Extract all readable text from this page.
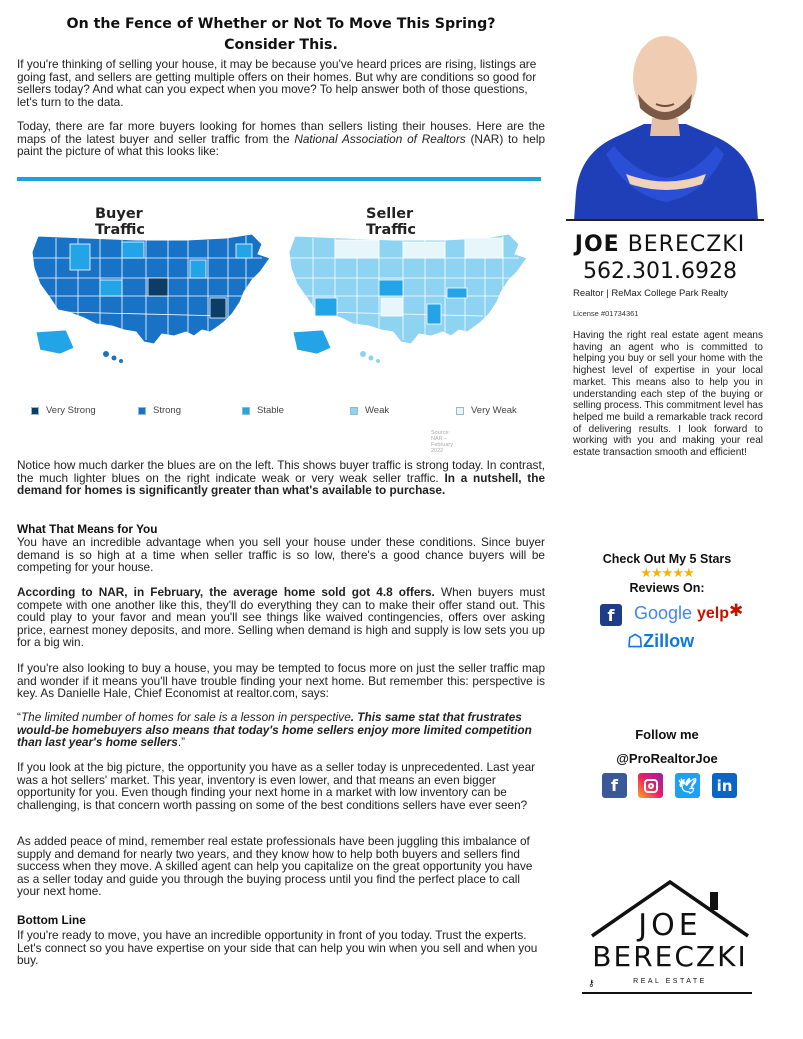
On the Fence of Whether or Not To Move This Spring?
Consider This.

If you're thinking of selling your house, it may be because you've heard prices are rising, listings are going fast, and sellers are getting multiple offers on their homes. But why are conditions so good for sellers today? And what can you expect when you move? To help answer both of those questions, let's turn to the data.

Today, there are far more buyers looking for homes than sellers listing their houses. Here are the maps of the latest buyer and seller traffic from the National Association of Realtors (NAR) to help paint the picture of what this looks like:

Buyer Traffic
Seller Traffic
Source: NAR – February 2022

Notice how much darker the blues are on the left. This shows buyer traffic is strong today. In contrast, the much lighter blues on the right indicate weak or very weak seller traffic. In a nutshell, the demand for homes is significantly greater than what's available to purchase.

What That Means for You

You have an incredible advantage when you sell your house under these conditions. Since buyer demand is so high at a time when seller traffic is so low, there's a good chance buyers will be competing for your house.

According to NAR, in February, the average home sold got 4.8 offers. When buyers must compete with one another like this, they'll do everything they can to make their offer stand out. This could play to your favor and mean you'll see things like waived contingencies, offers over asking price, earnest money deposits, and more. Selling when demand is high and supply is low sets you up for a big win.

If you're also looking to buy a house, you may be tempted to focus more on just the seller traffic map and wonder if it means you'll have trouble finding your next home. But remember this: perspective is key. As Danielle Hale, Chief Economist at realtor.com, says:

“The limited number of homes for sale is a lesson in perspective. This same stat that frustrates would-be homebuyers also means that today's home sellers enjoy more limited competition than last year's home sellers.”

If you look at the big picture, the opportunity you have as a seller today is unprecedented. Last year was a hot sellers' market. This year, inventory is even lower, and that means an even bigger opportunity for you. Even though finding your next home in a market with low inventory can be challenging, is that concern worth passing on some of the best conditions sellers have ever seen?

As added peace of mind, remember real estate professionals have been juggling this imbalance of supply and demand for nearly two years, and they know how to help both buyers and sellers find success when they move. A skilled agent can help you capitalize on the great opportunity you have as a seller today and guide you through the buying process until you find the perfect place to call your next home.

Bottom Line

If you're ready to move, you have an incredible opportunity in front of you today. Trust the experts. Let's connect so you have expertise on your side that can help you win when you sell and when you buy.

JOE BERECZKI
562.301.6928
Realtor | ReMax College Park Realty
License #01734361

Having the right real estate agent means having an agent who is committed to helping you buy or sell your home with the highest level of expertise in your local market. This means also to help you in understanding each step of the buying or selling process. This commitment level has helped me build a remarkable track record of delivering results. I look forward to working with you and making your real estate transaction smooth and efficient!

Check Out My 5 Stars
★★★★★
Reviews On:
f	Google yelp ✱
☖Zillow
Follow me
@ProRealtorJoe
f	🕊	in
JOE
BERECZKI
⚷	REAL ESTATE
Very Strong	Strong	Stable	Weak	Very Weak
